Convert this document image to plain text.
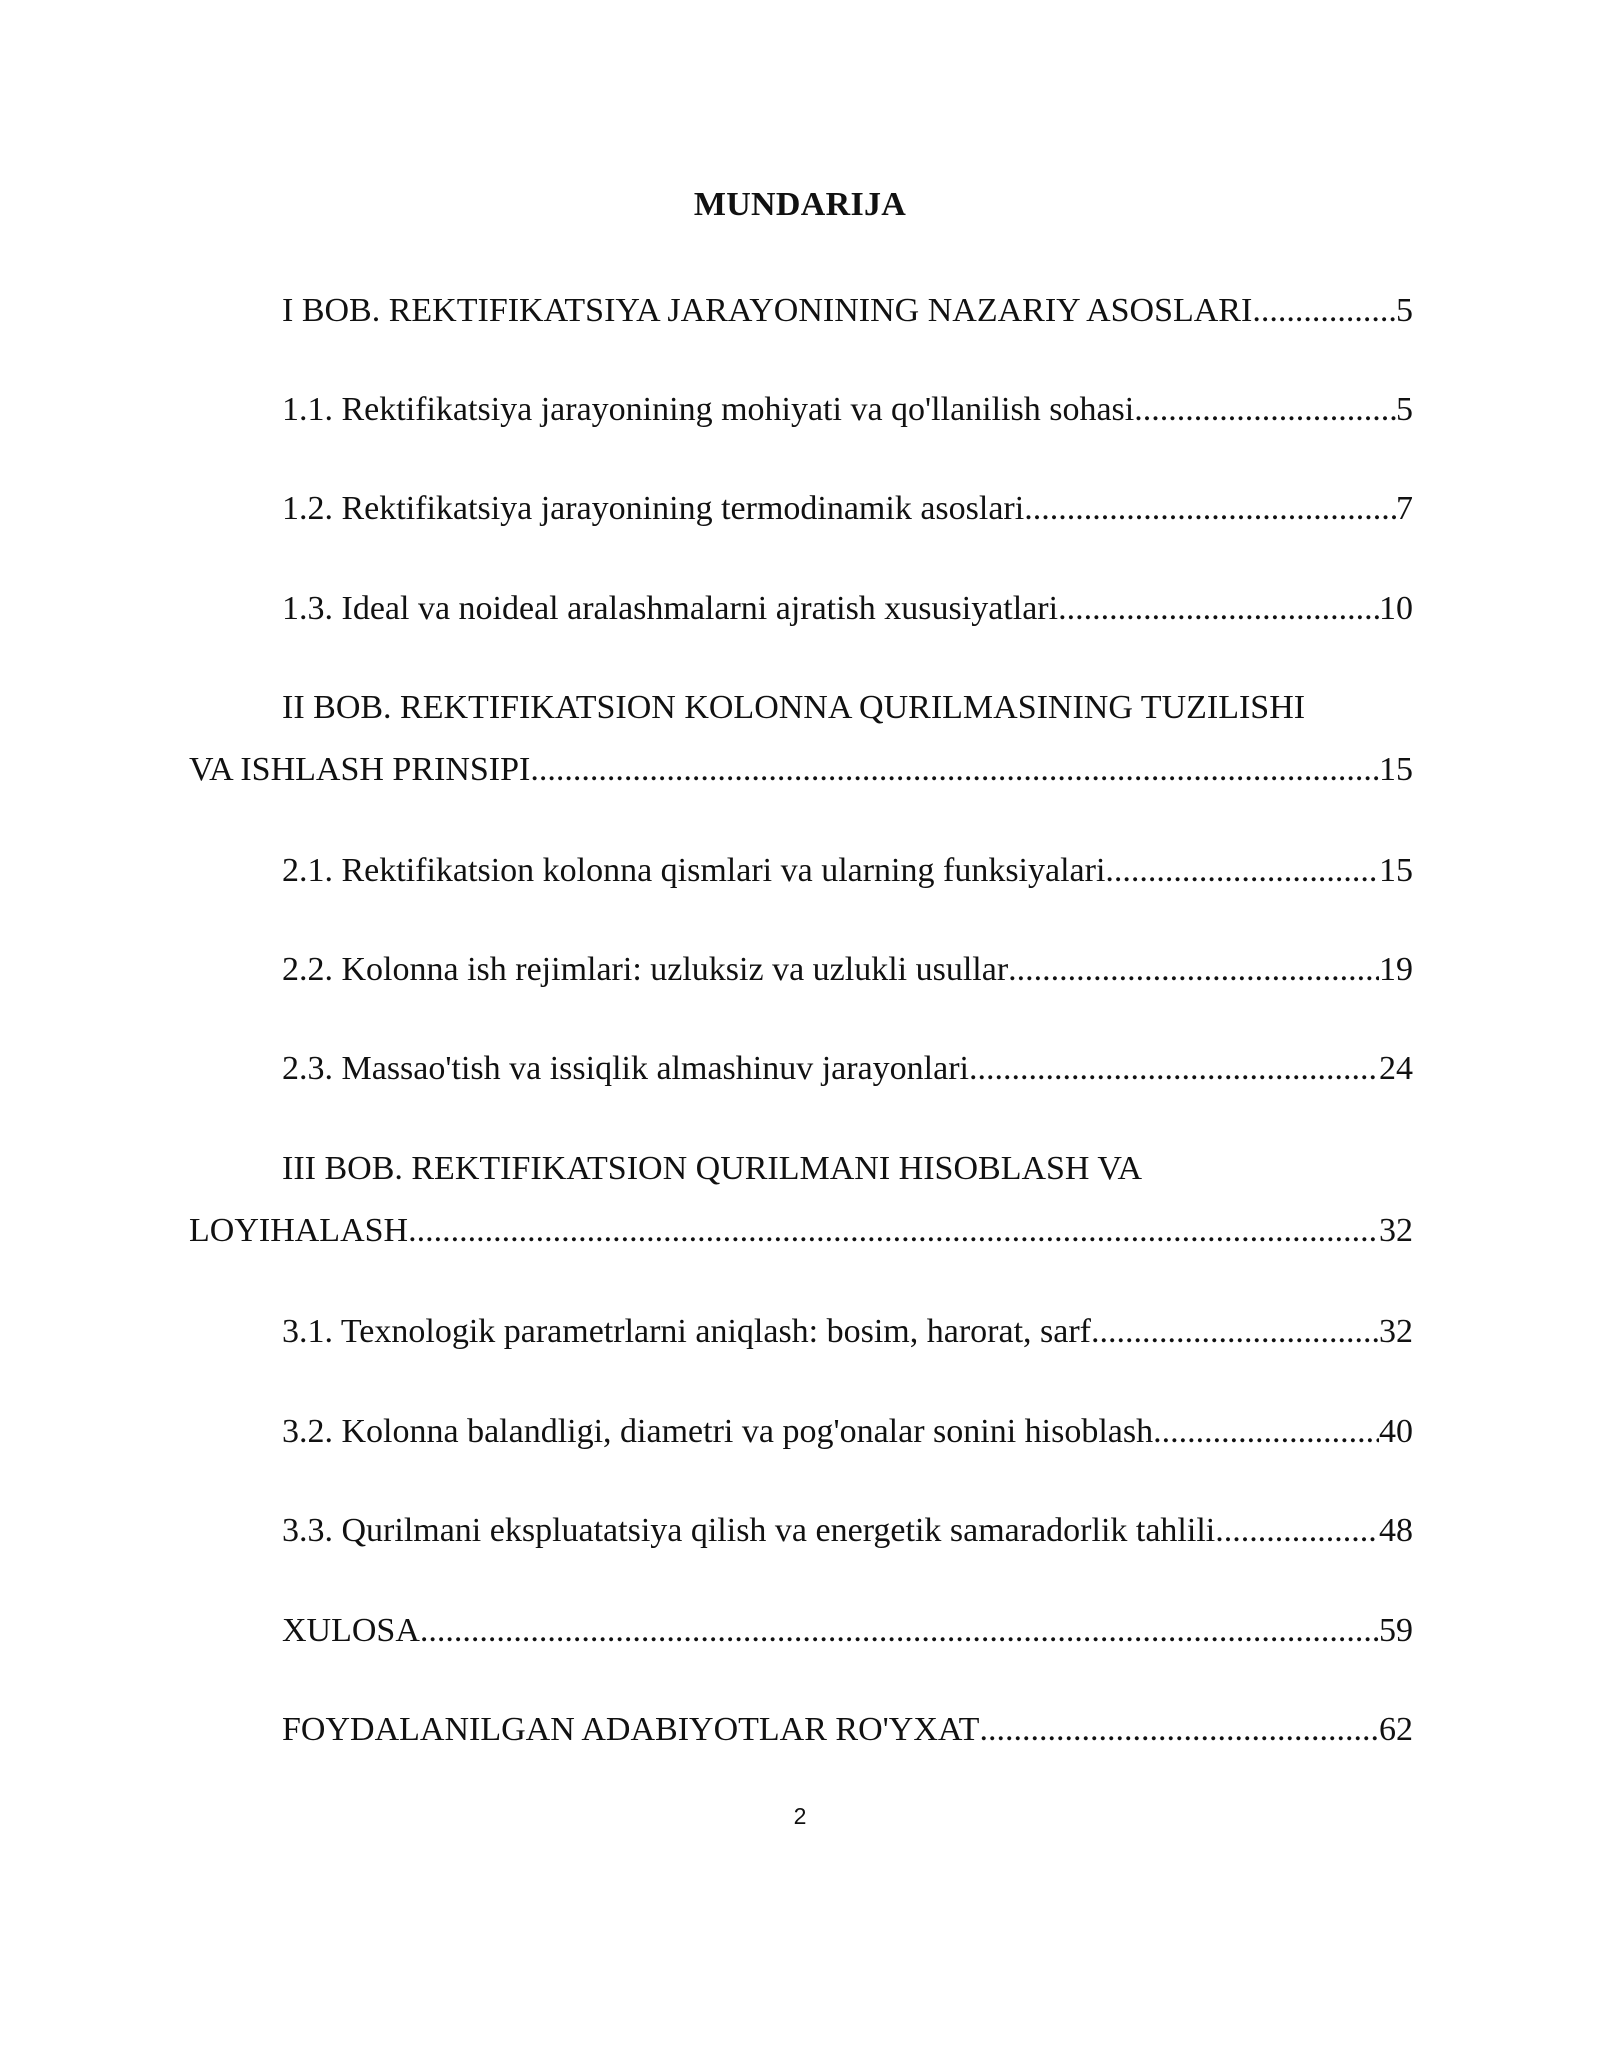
MUNDARIJA
I BOB. REKTIFIKATSIYA JARAYONINING NAZARIY ASOSLARI .....	5
1.1. Rektifikatsiya jarayonining mohiyati va qo'llanilish sohasi .....	5
1.2. Rektifikatsiya jarayonining termodinamik asoslari .....	7
1.3. Ideal va noideal aralashmalarni ajratish xususiyatlari .....	10
II BOB. REKTIFIKATSION KOLONNA QURILMASINING TUZILISHI
VA ISHLASH PRINSIPI .....	15
2.1. Rektifikatsion kolonna qismlari va ularning funksiyalari .....	15
2.2. Kolonna ish rejimlari: uzluksiz va uzlukli usullar .....	19
2.3. Massao'tish va issiqlik almashinuv jarayonlari .....	24
III BOB. REKTIFIKATSION QURILMANI HISOBLASH VA
LOYIHALASH .....	32
3.1. Texnologik parametrlarni aniqlash: bosim, harorat, sarf .....	32
3.2. Kolonna balandligi, diametri va pog'onalar sonini hisoblash .....	40
3.3. Qurilmani ekspluatatsiya qilish va energetik samaradorlik tahlili .....	48
XULOSA .....	59
FOYDALANILGAN ADABIYOTLAR RO'YXAT .....	62
2
